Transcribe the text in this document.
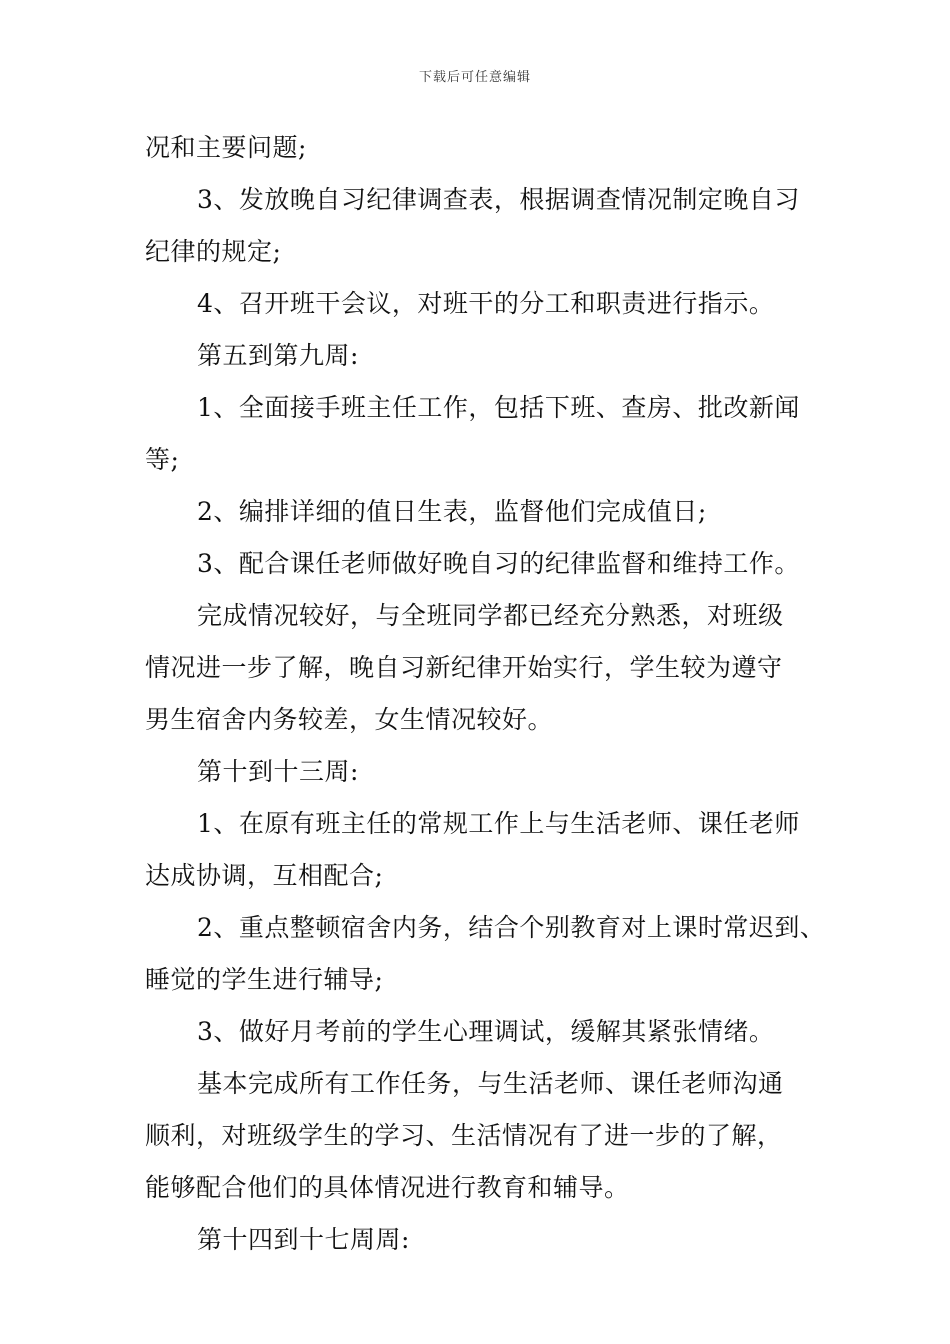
下载后可任意编辑
况和主要问题;
3、发放晚自习纪律调查表，根据调查情况制定晚自习
纪律的规定;
4、召开班干会议，对班干的分工和职责进行指示。
第五到第九周:
1、全面接手班主任工作，包括下班、查房、批改新闻
等;
2、编排详细的值日生表，监督他们完成值日;
3、配合课任老师做好晚自习的纪律监督和维持工作。
完成情况较好，与全班同学都已经充分熟悉，对班级
情况进一步了解，晚自习新纪律开始实行，学生较为遵守
男生宿舍内务较差，女生情况较好。
第十到十三周:
1、在原有班主任的常规工作上与生活老师、课任老师
达成协调，互相配合;
2、重点整顿宿舍内务，结合个别教育对上课时常迟到、
睡觉的学生进行辅导;
3、做好月考前的学生心理调试，缓解其紧张情绪。
基本完成所有工作任务，与生活老师、课任老师沟通
顺利，对班级学生的学习、生活情况有了进一步的了解，
能够配合他们的具体情况进行教育和辅导。
第十四到十七周周:
